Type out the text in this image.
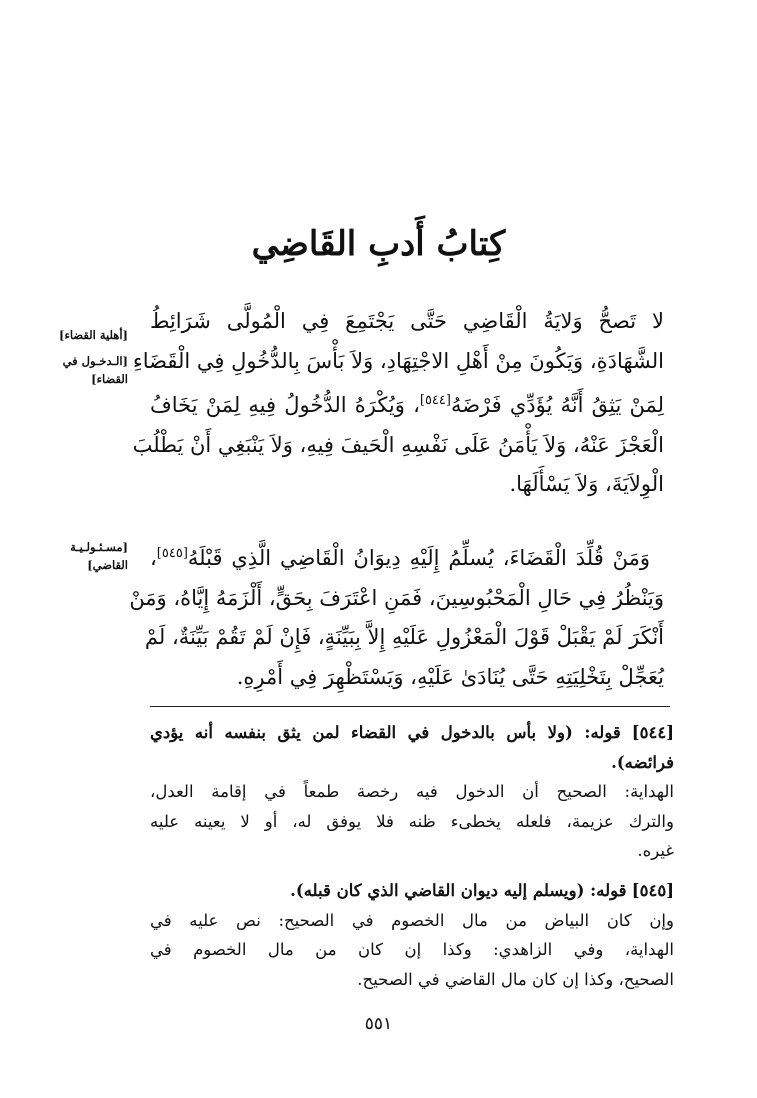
كِتابُ أَدبِ القَاضِي
[أهلية القضاء]
[الـدخـول في القضاء]
[مسـئـولـيـة القاضي]
لا تَصحُّ وَلايَةُ الْقَاضِي حَتَّى يَجْتَمِعَ فِي الْمُولَّى شَرَائِطُ
الشَّهَادَةِ، وَيَكُونَ مِنْ أَهْلِ الاجْتِهَادِ، وَلاَ بَأْسَ بِالدُّخُولِ فِي الْقَضَاءِ
لِمَنْ يَثِقُ أَنَّهُ يُؤَدِّي فَرْضَهُ[٥٤٤]، وَيُكْرَهُ الدُّخُولُ فِيهِ لِمَنْ يَخَافُ
الْعَجْزَ عَنْهُ، وَلاَ يَأْمَنُ عَلَى نَفْسِهِ الْحَيفَ فِيهِ، وَلاَ يَنْبَغِي أَنْ يَطْلُبَ
الْوِلاَيَةَ، وَلاَ يَسْأَلَهَا.
وَمَنْ قُلِّدَ الْقَضَاءَ، يُسلِّمُ إِلَيْهِ دِيوَانُ الْقَاضِي الَّذِي قَبْلَهُ[٥٤٥]،
وَيَنْظُرُ فِي حَالِ الْمَحْبُوسِينَ، فَمَنِ اعْتَرَفَ بِحَقٍّ، أَلْزَمَهُ إِيَّاهُ، وَمَنْ
أَنْكَرَ لَمْ يَقْبَلْ قَوْلَ الْمَعْزُولِ عَلَيْهِ إِلاَّ بِبَيِّنَةٍ، فَإِنْ لَمْ تَقُمْ بَيِّنَةٌ، لَمْ
يُعَجِّلْ بِتَخْلِيَتِهِ حَتَّى يُنَادَىٰ عَلَيْهِ، وَيَسْتَظْهِرَ فِي أَمْرِهِ.
[٥٤٤] قوله: (ولا بأس بالدخول في القضاء لمن يثق بنفسه أنه يؤدي
فرائضه).
الهداية: الصحيح أن الدخول فيه رخصة طمعاً في إقامة العدل،
والترك عزيمة، فلعله يخطىء ظنه فلا يوفق له، أو لا يعينه عليه
غيره.
[٥٤٥] قوله: (ويسلم إليه ديوان القاضي الذي كان قبله).
وإن كان البياض من مال الخصوم في الصحيح: نص عليه في
الهداية، وفي الزاهدي: وكذا إن كان من مال الخصوم في
الصحيح، وكذا إن كان مال القاضي في الصحيح.
٥٥١
